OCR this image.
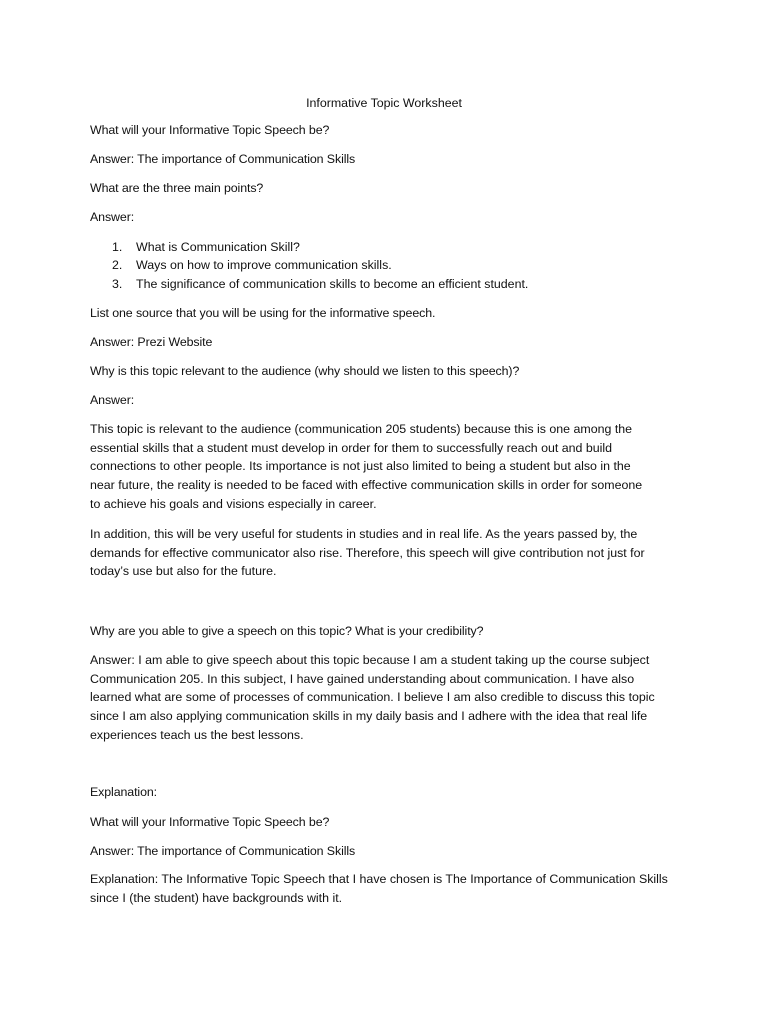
Informative Topic Worksheet
What will your Informative Topic Speech be?
Answer: The importance of Communication Skills
What are the three main points?
Answer:
1. What is Communication Skill?
2. Ways on how to improve communication skills.
3. The significance of communication skills to become an efficient student.
List one source that you will be using for the informative speech.
Answer: Prezi Website
Why is this topic relevant to the audience (why should we listen to this speech)?
Answer:

This topic is relevant to the audience (communication 205 students) because this is one among the
essential skills that a student must develop in order for them to successfully reach out and build
connections to other people. Its importance is not just also limited to being a student but also in the
near future, the reality is needed to be faced with effective communication skills in order for someone
to achieve his goals and visions especially in career.

In addition, this will be very useful for students in studies and in real life. As the years passed by, the
demands for effective communicator also rise. Therefore, this speech will give contribution not just for
today’s use but also for the future.

Why are you able to give a speech on this topic? What is your credibility?

Answer: I am able to give speech about this topic because I am a student taking up the course subject
Communication 205. In this subject, I have gained understanding about communication. I have also
learned what are some of processes of communication. I believe I am also credible to discuss this topic
since I am also applying communication skills in my daily basis and I adhere with the idea that real life
experiences teach us the best lessons.

Explanation:
What will your Informative Topic Speech be?
Answer: The importance of Communication Skills

Explanation: The Informative Topic Speech that I have chosen is The Importance of Communication Skills
since I (the student) have backgrounds with it.
